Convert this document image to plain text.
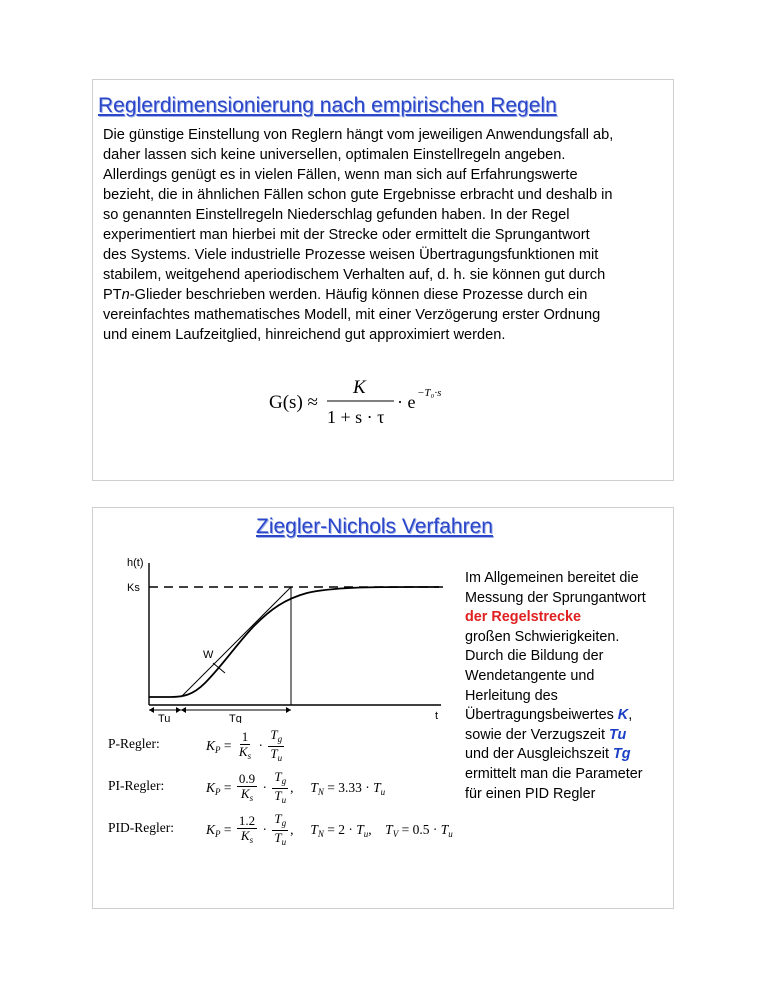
Reglerdimensionierung nach empirischen Regeln
Die günstige Einstellung von Reglern hängt vom jeweiligen Anwendungsfall ab,
daher lassen sich keine universellen, optimalen Einstellregeln angeben.
Allerdings genügt es in vielen Fällen, wenn man sich auf Erfahrungswerte
bezieht, die in ähnlichen Fällen schon gute Ergebnisse erbracht und deshalb in
so genannten Einstellregeln Niederschlag gefunden haben. In der Regel
experimentiert man hierbei mit der Strecke oder ermittelt die Sprungantwort
des Systems. Viele industrielle Prozesse weisen Übertragungsfunktionen mit
stabilem, weitgehend aperiodischem Verhalten auf, d. h. sie können gut durch
PTn-Glieder beschrieben werden. Häufig können diese Prozesse durch ein
vereinfachtes mathematisches Modell, mit einer Verzögerung erster Ordnung
und einem Laufzeitglied, hinreichend gut approximiert werden.
G(s) ≈
K
1 + s · τ
· e −T₀·s
Ziegler-Nichols Verfahren
h(t)
Ks
W
t
Tu	Tg
P-Regler:	$K_P = \frac{1}{K_s} \cdot \frac{T_g}{T_u}$
PI-Regler:	$K_P = \frac{0.9}{K_s} \cdot \frac{T_g}{T_u}$ , $T_N = 3.33 \cdot T_u$
PID-Regler: $K_P = \frac{1.2}{K_s} \cdot \frac{T_g}{T_u}$ , $T_N = 2 \cdot T_u$ , $T_V = 0.5 \cdot T_u$
Im Allgemeinen bereitet die
Messung der Sprungantwort
der Regelstrecke
großen Schwierigkeiten.
Durch die Bildung der
Wendetangente und
Herleitung des
Übertragungsbeiwertes K,
sowie der Verzugszeit Tu
und der Ausgleichszeit Tg
ermittelt man die Parameter
für einen PID Regler
